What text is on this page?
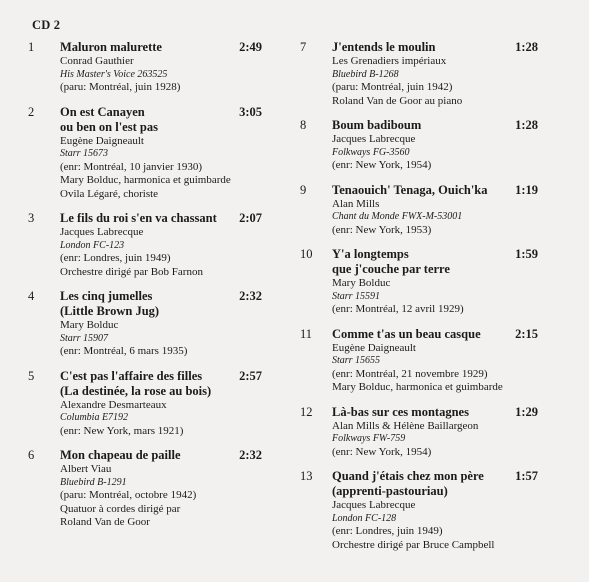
CD 2
1	Maluron malurette	2:49
Conrad Gauthier
His Master's Voice 263525
(paru: Montréal, juin 1928)
2	On est Canayen
ou ben on l'est pas
3:05
Eugène Daigneault
Starr 15673
(enr: Montréal, 10 janvier 1930)
Mary Bolduc, harmonica et guimbarde
Ovila Légaré, choriste
3	Le fils du roi s'en va chassant	2:07
Jacques Labrecque
London FC-123
(enr: Londres, juin 1949)
Orchestre dirigé par Bob Farnon
4	Les cinq jumelles
(Little Brown Jug)
2:32
Mary Bolduc
Starr 15907
(enr: Montréal, 6 mars 1935)
5	C'est pas l'affaire des filles
(La destinée, la rose au bois)
2:57
Alexandre Desmarteaux
Columbia E7192
(enr: New York, mars 1921)
6	Mon chapeau de paille	2:32
Albert Viau
Bluebird B-1291
(paru: Montréal, octobre 1942)
Quatuor à cordes dirigé par
Roland Van de Goor
7	J'entends le moulin	1:28
Les Grenadiers impériaux
Bluebird B-1268
(paru: Montréal, juin 1942)
Roland Van de Goor au piano
8	Boum badiboum	1:28
Jacques Labrecque
Folkways FG-3560
(enr: New York, 1954)
9	Tenaouich' Tenaga, Ouich'ka	1:19
Alan Mills
Chant du Monde FWX-M-53001
(enr: New York, 1953)
10	Y'a longtemps
que j'couche par terre
1:59
Mary Bolduc
Starr 15591
(enr: Montréal, 12 avril 1929)
11	Comme t'as un beau casque	2:15
Eugène Daigneault
Starr 15655
(enr: Montréal, 21 novembre 1929)
Mary Bolduc, harmonica et guimbarde
12	Là-bas sur ces montagnes	1:29
Alan Mills & Hélène Baillargeon
Folkways FW-759
(enr: New York, 1954)
13	Quand j'étais chez mon père
(apprenti-pastouriau)
1:57
Jacques Labrecque
London FC-128
(enr: Londres, juin 1949)
Orchestre dirigé par Bruce Campbell
